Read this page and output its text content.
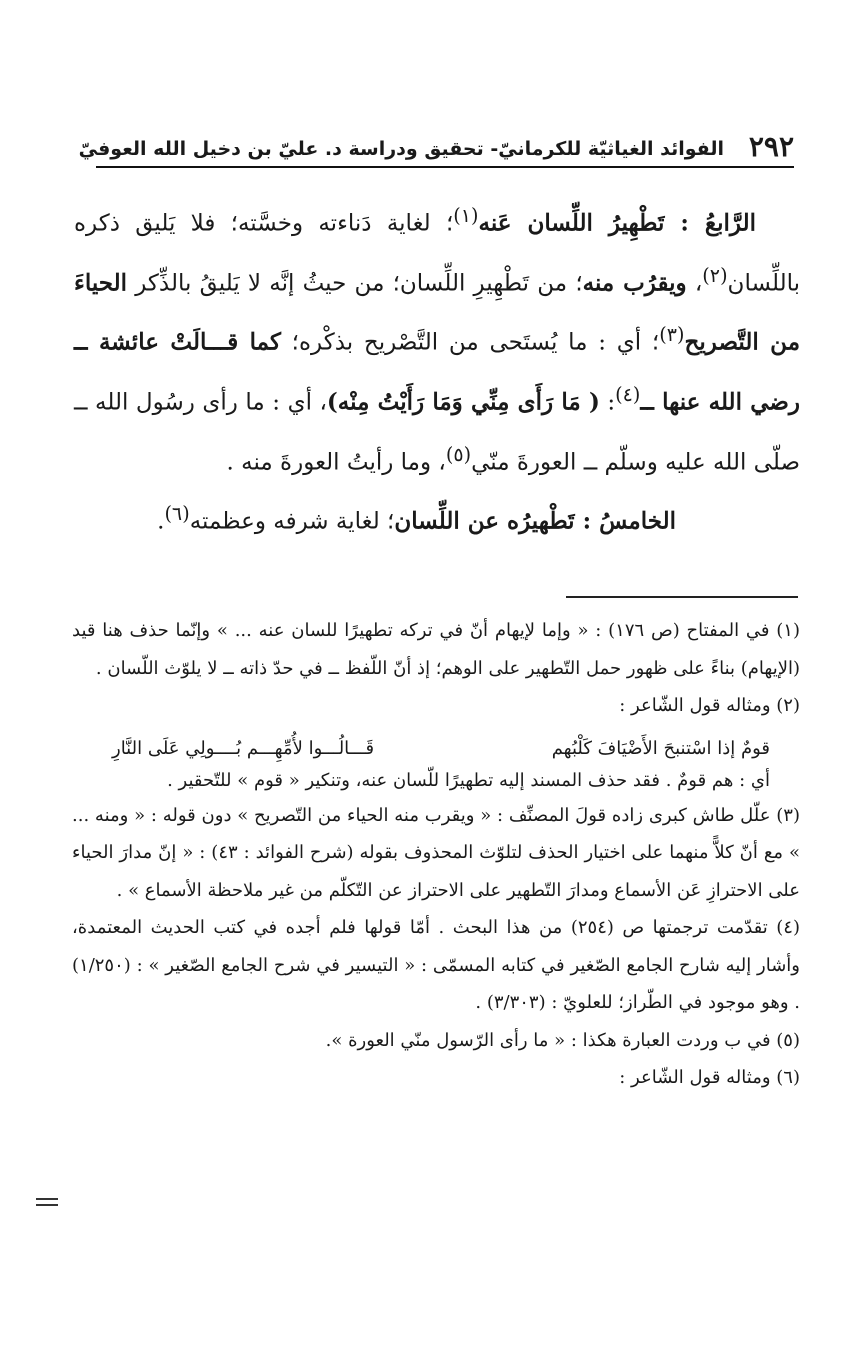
٢٩٢
الفوائد الغياثيّة للكرمانيّ- تحقيق ودراسة د. عليّ بن دخيل الله العوفيّ

الرَّابعُ : تَطْهِيرُ اللِّسان عَنه$^{(١)}$؛ لغاية دَناءته وخسَّته؛ فلا يَليق ذكره باللِّسان$^{(٢)}$، ويقرُب منه؛ من تَطْهِيرِ اللِّسان؛ من حيثُ إنَّه لا يَليقُ بالذِّكر الحياءَ من التَّصريح$^{(٣)}$؛ أي : ما يُستَحى من التَّصْريح بذكْره؛ كما قـــالَتْ عائشة ــ رضي الله عنها ــ$^{(٤)}$: ( مَا رَأَى مِنِّي وَمَا رَأَيْتُ مِنْه)، أي : ما رأى رسُول الله ــ صلّى الله عليه وسلّم ــ العورةَ منّي$^{(٥)}$، وما رأيتُ العورةَ منه .

الخامسُ : تَطْهيرُه عن اللِّسان؛ لغاية شرفه وعظمته$^{(٦)}$.

(١) في المفتاح (ص ١٧٦) : « وإما لإيهام أنّ في تركه تطهيرًا للسان عنه ... » وإنّما حذف هنا قيد (الإيهام) بناءً على ظهور حمل التّطهير على الوهم؛ إذ أنّ اللّفظ ــ في حدّ ذاته ــ لا يلوّث اللّسان .

(٢) ومثاله قول الشّاعر :

قومٌ إذا اسْتنبحَ الأَضْيَافَ كَلْبُهم
قَـــالُـــوا لأُمِّهِـــم بُــــولِي عَلَى النَّارِ

أي : هم قومٌ . فقد حذف المسند إليه تطهيرًا للّسان عنه، وتنكير « قوم » للتّحقير .

(٣) علّل طاش كبرى زاده قولَ المصنِّف : « ويقرب منه الحياء من التّصريح » دون قوله : « ومنه ... » مع أنّ كلاًّ منهما على اختيار الحذف لتلوّث المحذوف بقوله (شرح الفوائد : ٤٣) : « إنّ مدارَ الحياء على الاحترازِ عَن الأسماع ومدارَ التّطهير على الاحتراز عن التّكلّم من غير ملاحظة الأسماع » .

(٤) تقدّمت ترجمتها ص (٢٥٤) من هذا البحث . أمّا قولها فلم أجده في كتب الحديث المعتمدة، وأشار إليه شارح الجامع الصّغير في كتابه المسمّى : « التيسير في شرح الجامع الصّغير » : (١/٢٥٠) . وهو موجود في الطّراز؛ للعلويّ : (٣/٣٠٣) .

(٥) في ب وردت العبارة هكذا : « ما رأى الرّسول منّي العورة ».

(٦) ومثاله قول الشّاعر :
